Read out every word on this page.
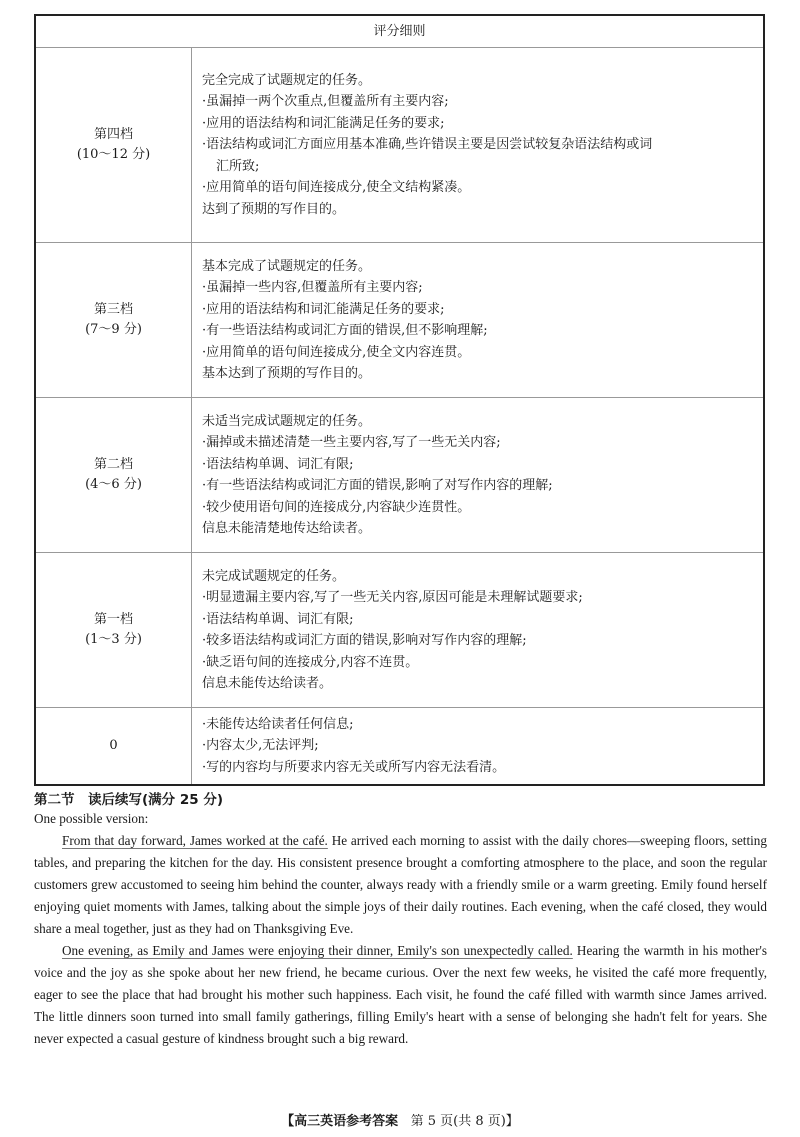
评分细则
第四档
(10～12 分)
完全完成了试题规定的任务。
·虽漏掉一两个次重点,但覆盖所有主要内容;
·应用的语法结构和词汇能满足任务的要求;
·语法结构或词汇方面应用基本准确,些许错误主要是因尝试较复杂语法结构或词
汇所致;
·应用简单的语句间连接成分,使全文结构紧凑。
达到了预期的写作目的。
第三档
(7～9 分)
基本完成了试题规定的任务。
·虽漏掉一些内容,但覆盖所有主要内容;
·应用的语法结构和词汇能满足任务的要求;
·有一些语法结构或词汇方面的错误,但不影响理解;
·应用简单的语句间连接成分,使全文内容连贯。
基本达到了预期的写作目的。
第二档
(4～6 分)
未适当完成试题规定的任务。
·漏掉或未描述清楚一些主要内容,写了一些无关内容;
·语法结构单调、词汇有限;
·有一些语法结构或词汇方面的错误,影响了对写作内容的理解;
·较少使用语句间的连接成分,内容缺少连贯性。
信息未能清楚地传达给读者。
第一档
(1～3 分)
未完成试题规定的任务。
·明显遗漏主要内容,写了一些无关内容,原因可能是未理解试题要求;
·语法结构单调、词汇有限;
·较多语法结构或词汇方面的错误,影响对写作内容的理解;
·缺乏语句间的连接成分,内容不连贯。
信息未能传达给读者。
0
·未能传达给读者任何信息;
·内容太少,无法评判;
·写的内容均与所要求内容无关或所写内容无法看清。
第二节　读后续写(满分 25 分)

One possible version:

From that day forward, James worked at the café. He arrived each morning to assist with the daily chores—sweeping floors, setting tables, and preparing the kitchen for the day. His consistent presence brought a comforting atmosphere to the place, and soon the regular customers grew accustomed to seeing him behind the counter, always ready with a friendly smile or a warm greeting. Emily found herself enjoying quiet moments with James, talking about the simple joys of their daily routines. Each evening, when the café closed, they would share a meal together, just as they had on Thanksgiving Eve.

One evening, as Emily and James were enjoying their dinner, Emily's son unexpectedly called. Hearing the warmth in his mother's voice and the joy as she spoke about her new friend, he became curious. Over the next few weeks, he visited the café more frequently, eager to see the place that had brought his mother such happiness. Each visit, he found the café filled with warmth since James arrived. The little dinners soon turned into small family gatherings, filling Emily's heart with a sense of belonging she hadn't felt for years. She never expected a casual gesture of kindness brought such a big reward.

【高三英语参考答案 第 5 页(共 8 页)】
